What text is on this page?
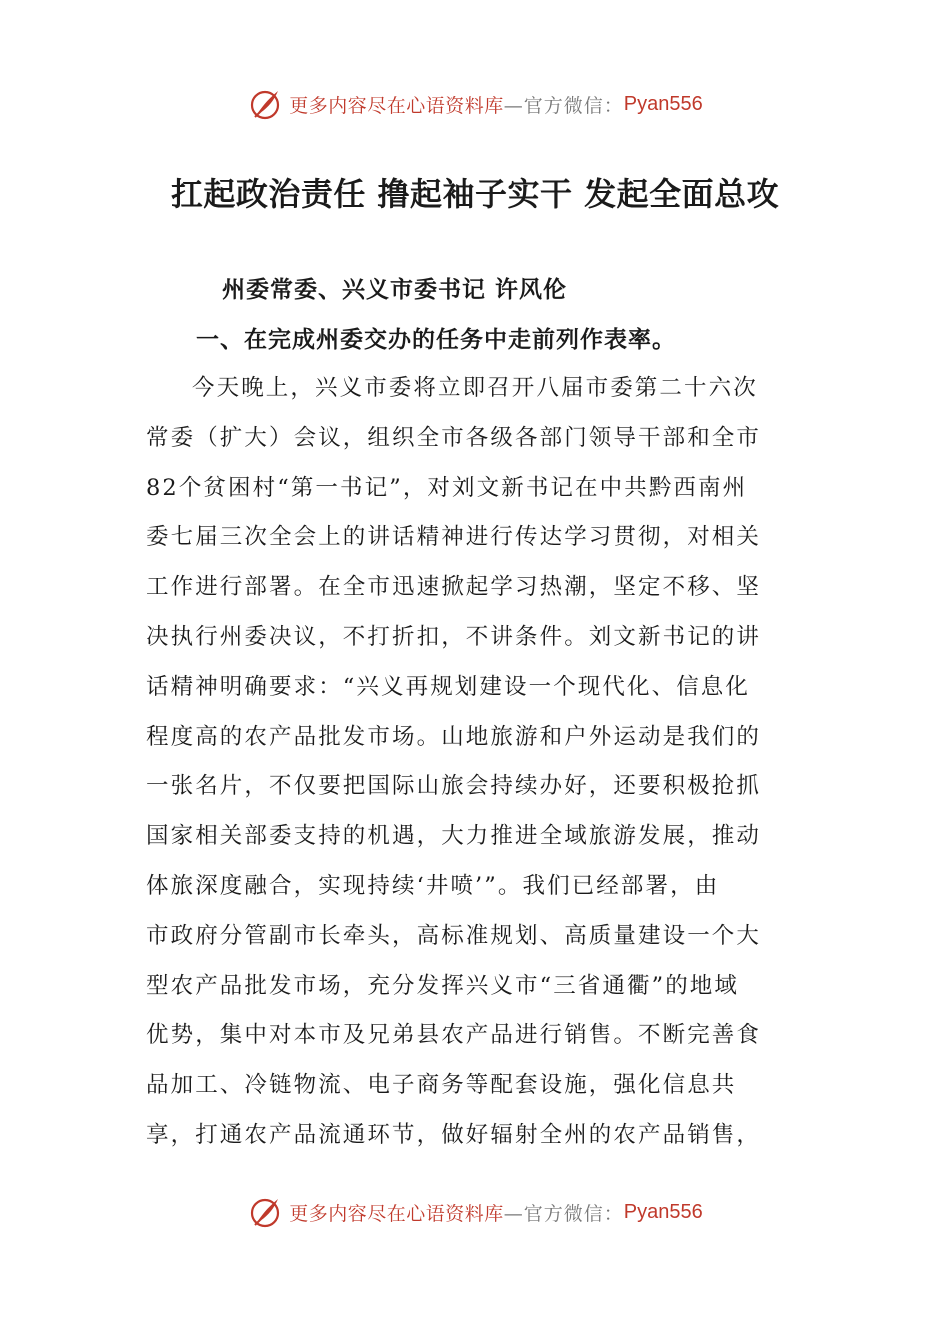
更多内容尽在心语资料库 —官方微信： Pyan556
扛起政治责任 撸起袖子实干 发起全面总攻
州委常委、兴义市委书记 许风伦
一、在完成州委交办的任务中走前列作表率。
今天晚上，兴义市委将立即召开八届市委第二十六次
常委（扩大）会议，组织全市各级各部门领导干部和全市
82个贫困村“第一书记”，对刘文新书记在中共黔西南州
委七届三次全会上的讲话精神进行传达学习贯彻，对相关
工作进行部署。在全市迅速掀起学习热潮，坚定不移、坚
决执行州委决议，不打折扣，不讲条件。刘文新书记的讲
话精神明确要求：“兴义再规划建设一个现代化、信息化
程度高的农产品批发市场。山地旅游和户外运动是我们的
一张名片，不仅要把国际山旅会持续办好，还要积极抢抓
国家相关部委支持的机遇，大力推进全域旅游发展，推动
体旅深度融合，实现持续‘井喷’”。我们已经部署，由
市政府分管副市长牵头，高标准规划、高质量建设一个大
型农产品批发市场，充分发挥兴义市“三省通衢”的地域
优势，集中对本市及兄弟县农产品进行销售。不断完善食
品加工、冷链物流、电子商务等配套设施，强化信息共
享，打通农产品流通环节，做好辐射全州的农产品销售，
更多内容尽在心语资料库 —官方微信： Pyan556
